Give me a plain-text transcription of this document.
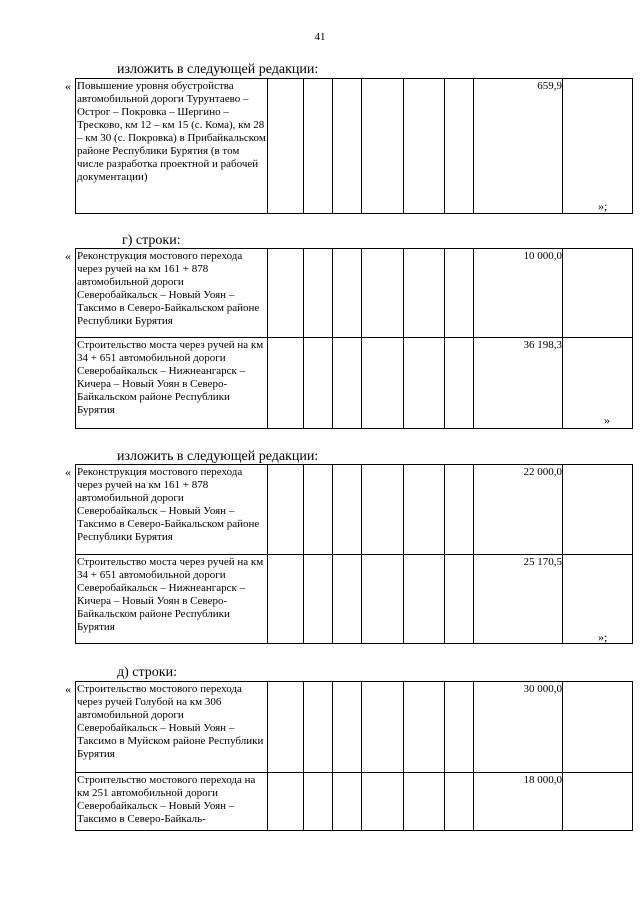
41
изложить в следующей редакции:
« Повышение уровня обустройства автомобильной дороги Турунтаево – Острог – Покровка – Шергино – Тресково, км 12 – км 15 (с. Кома), км 28 – км 30 (с. Покровка) в Прибайкальском районе Республики Бурятия (в том числе разработка проектной и рабочей документации)							659,9	
»;
г) строки:
« Реконструкция мостового перехода через ручей на км 161 + 878 автомобильной дороги Северобайкальск – Новый Уоян – Таксимо в Северо-Байкальском районе Республики Бурятия							10 000,0	
Строительство моста через ручей на км 34 + 651 автомобильной дороги Северобайкальск – Нижнеангарск – Кичера – Новый Уоян в Северо-Байкальском районе Республики Бурятия							36 198,3	
»
изложить в следующей редакции:
« Реконструкция мостового перехода через ручей на км 161 + 878 автомобильной дороги Северобайкальск – Новый Уоян – Таксимо в Северо-Байкальском районе Республики Бурятия							22 000,0	
Строительство моста через ручей на км 34 + 651 автомобильной дороги Северобайкальск – Нижнеангарск – Кичера – Новый Уоян в Северо-Байкальском районе Республики Бурятия							25 170,5	
»;
д) строки:
« Строительство мостового перехода через ручей Голубой на км 306 автомобильной дороги Северобайкальск – Новый Уоян – Таксимо в Муйском районе Республики Бурятия							30 000,0	
Строительство мостового перехода на км 251 автомобильной дороги Северобайкальск – Новый Уоян – Таксимо в Северо-Байкаль-							18 000,0	
